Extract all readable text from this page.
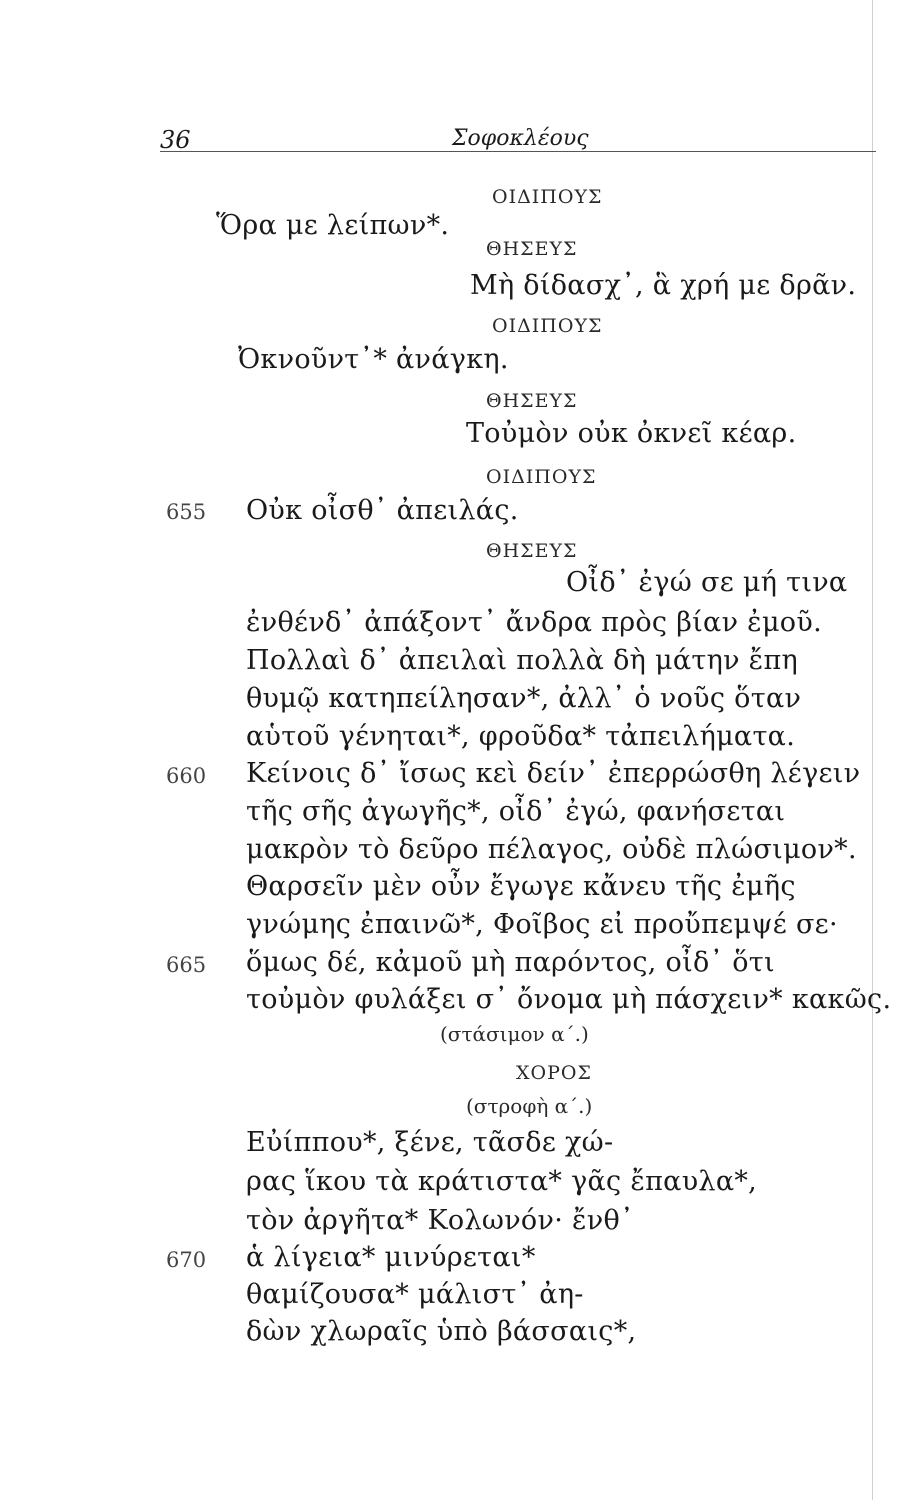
36	Σοφοκλέους
ΟΙΔΙΠΟΥΣ
Ὅρα με λείπων*.
ΘΗΣΕΥΣ
Μὴ δίδασχ᾽, ἃ χρή με δρᾶν.
ΟΙΔΙΠΟΥΣ
Ὀκνοῦντ᾽* ἀνάγκη.
ΘΗΣΕΥΣ
Τοὐμὸν οὐκ ὀκνεῖ κέαρ.
ΟΙΔΙΠΟΥΣ
655 Οὐκ οἶσθ᾽ ἀπειλάς.
ΘΗΣΕΥΣ
Οἶδ᾽ ἐγώ σε μή τινα
ἐνθένδ᾽ ἀπάξοντ᾽ ἄνδρα πρὸς βίαν ἐμοῦ.
Πολλαὶ δ᾽ ἀπειλαὶ πολλὰ δὴ μάτην ἔπη
θυμῷ κατηπείλησαν*, ἀλλ᾽ ὁ νοῦς ὅταν
αὑτοῦ γένηται*, φροῦδα* τἀπειλήματα.
660 Κείνοις δ᾽ ἴσως κεὶ δείν᾽ ἐπερρώσθη λέγειν
τῆς σῆς ἀγωγῆς*, οἶδ᾽ ἐγώ, φανήσεται
μακρὸν τὸ δεῦρο πέλαγος, οὐδὲ πλώσιμον*.
Θαρσεῖν μὲν οὖν ἔγωγε κἄνευ τῆς ἐμῆς
γνώμης ἐπαινῶ*, Φοῖβος εἰ προὔπεμψέ σε·
665 ὅμως δέ, κἀμοῦ μὴ παρόντος, οἶδ᾽ ὅτι
τοὐμὸν φυλάξει σ᾽ ὄνομα μὴ πάσχειν* κακῶς.
(στάσιμον α΄.)
ΧΟΡΟΣ
(στροφὴ α΄.)
Εὐίππου*, ξένε, τᾶσδε χώ-
ρας ἵκου τὰ κράτιστα* γᾶς ἔπαυλα*,
τὸν ἀργῆτα* Κολωνόν· ἔνθ᾽
670 ἁ λίγεια* μινύρεται*
θαμίζουσα* μάλιστ᾽ ἀη-
δὼν χλωραῖς ὑπὸ βάσσαις*,
